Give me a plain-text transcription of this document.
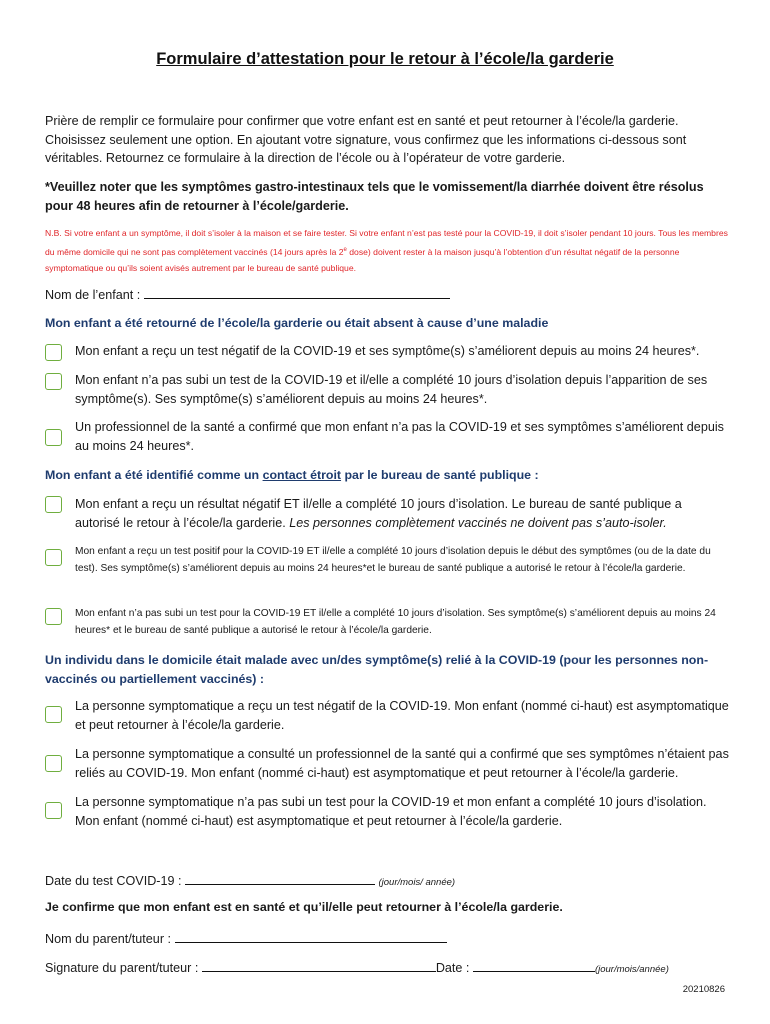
Formulaire d’attestation pour le retour à l’école/la garderie
Prière de remplir ce formulaire pour confirmer que votre enfant est en santé et peut retourner à l’école/la garderie. Choisissez seulement une option. En ajoutant votre signature, vous confirmez que les informations ci-dessous sont véritables. Retournez ce formulaire à la direction de l’école ou à l’opérateur de votre garderie.
*Veuillez noter que les symptômes gastro-intestinaux tels que le vomissement/la diarrhée doivent être résolus pour 48 heures afin de retourner à l’école/garderie.
N.B. Si votre enfant a un symptôme, il doit s’isoler à la maison et se faire tester. Si votre enfant n’est pas testé pour la COVID-19, il doit s’isoler pendant 10 jours. Tous les membres du même domicile qui ne sont pas complètement vaccinés (14 jours après la 2e dose) doivent rester à la maison jusqu’à l’obtention d’un résultat négatif de la personne symptomatique ou qu’ils soient avisés autrement par le bureau de santé publique.
Nom de l’enfant :
Mon enfant a été retourné de l’école/la garderie ou était absent à cause d’une maladie
Mon enfant a reçu un test négatif de la COVID-19 et ses symptôme(s) s’améliorent depuis au moins 24 heures*.
Mon enfant n’a pas subi un test de la COVID-19 et il/elle a complété 10 jours d’isolation depuis l’apparition de ses symptôme(s). Ses symptôme(s) s’améliorent depuis au moins 24 heures*.
Un professionnel de la santé a confirmé que mon enfant n’a pas la COVID-19 et ses symptômes s’améliorent depuis au moins 24 heures*.
Mon enfant a été identifié comme un contact étroit par le bureau de santé publique :
Mon enfant a reçu un résultat négatif ET il/elle a complété 10 jours d’isolation. Le bureau de santé publique a autorisé le retour à l’école/la garderie. Les personnes complètement vaccinés ne doivent pas s’auto-isoler.
Mon enfant a reçu un test positif pour la COVID-19 ET il/elle a complété 10 jours d’isolation depuis le début des symptômes (ou de la date du test). Ses symptôme(s) s’améliorent depuis au moins 24 heures*et le bureau de santé publique a autorisé le retour à l’école/la garderie.
Mon enfant n’a pas subi un test pour la COVID-19 ET il/elle a complété 10 jours d’isolation. Ses symptôme(s) s’améliorent depuis au moins 24 heures* et le bureau de santé publique a autorisé le retour à l’école/la garderie.
Un individu dans le domicile était malade avec un/des symptôme(s) relié à la COVID-19 (pour les personnes non-vaccinés ou partiellement vaccinés) :
La personne symptomatique a reçu un test négatif de la COVID-19. Mon enfant (nommé ci-haut) est asymptomatique et peut retourner à l’école/la garderie.
La personne symptomatique a consulté un professionnel de la santé qui a confirmé que ses symptômes n’étaient pas reliés au COVID-19. Mon enfant (nommé ci-haut) est asymptomatique et peut retourner à l’école/la garderie.
La personne symptomatique n’a pas subi un test pour la COVID-19 et mon enfant a complété 10 jours d’isolation. Mon enfant (nommé ci-haut) est asymptomatique et peut retourner à l’école/la garderie.
Date du test COVID-19 :	(jour/mois/ année)
Je confirme que mon enfant est en santé et qu’il/elle peut retourner à l’école/la garderie.
Nom du parent/tuteur :
Signature du parent/tuteur :	Date :	(jour/mois/année)
20210826
